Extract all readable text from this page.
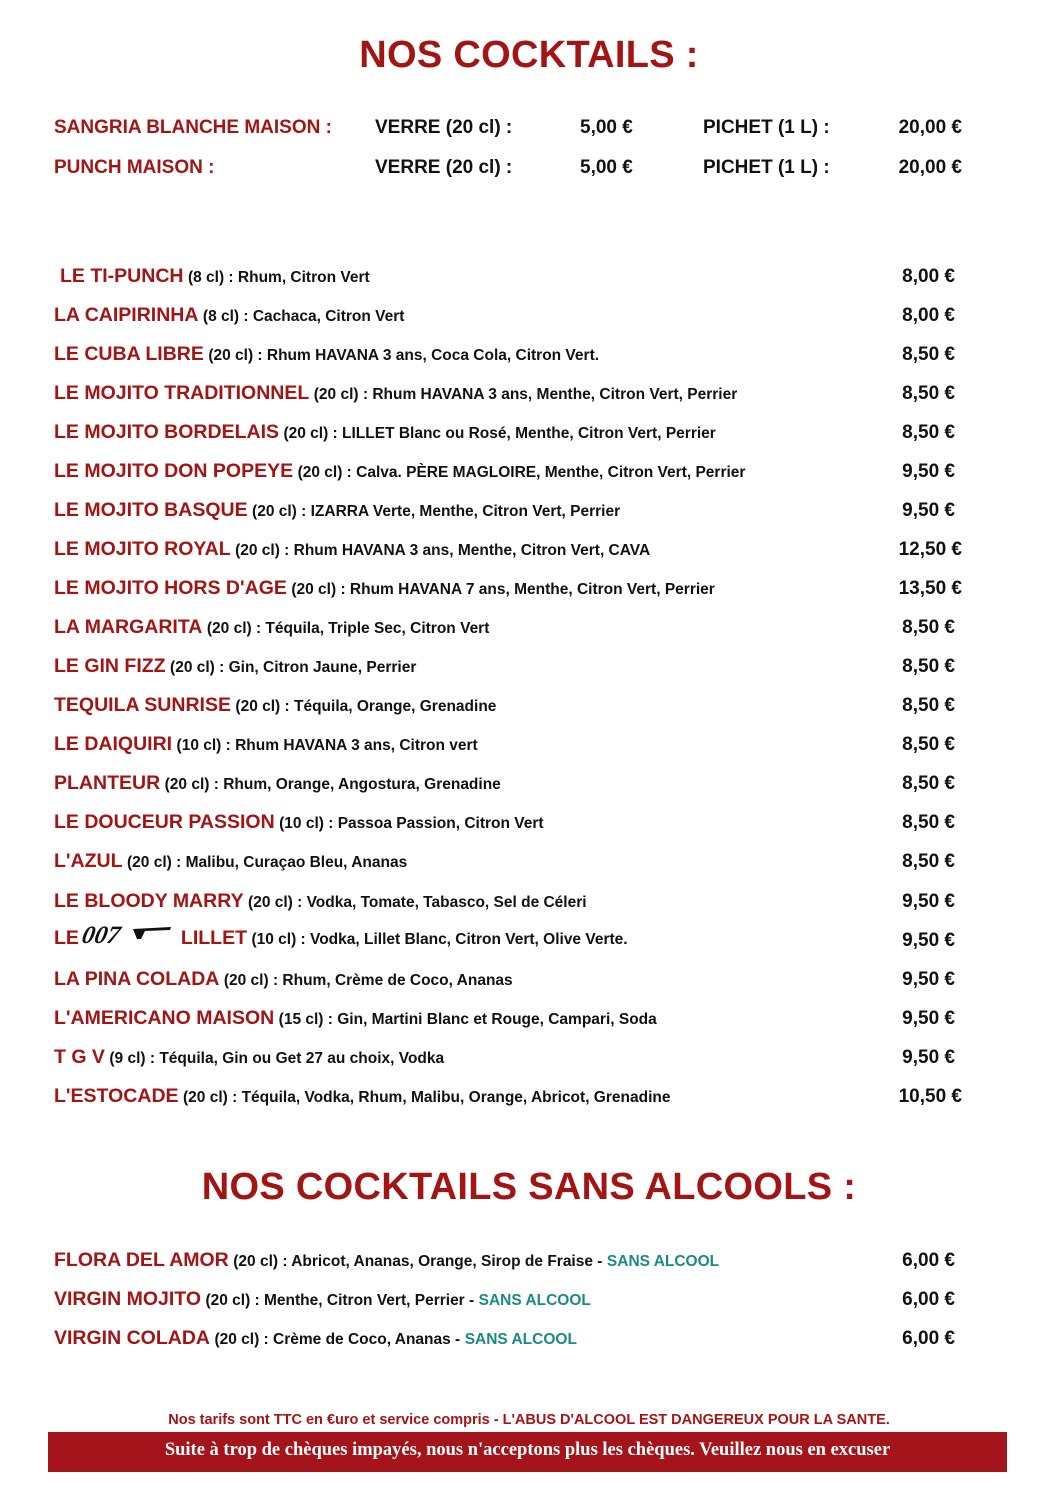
NOS COCKTAILS :
SANGRIA BLANCHE MAISON : VERRE (20 cl) :	5,00 €	PICHET (1 L) :	20,00 €
PUNCH MAISON :	VERRE (20 cl) :	5,00 €	PICHET (1 L) :	20,00 €
LE TI-PUNCH (8 cl) : Rhum, Citron Vert	8,00 €
LA CAIPIRINHA (8 cl) : Cachaca, Citron Vert	8,00 €
LE CUBA LIBRE (20 cl) : Rhum HAVANA 3 ans, Coca Cola, Citron Vert.	8,50 €
LE MOJITO TRADITIONNEL (20 cl) : Rhum HAVANA 3 ans, Menthe, Citron Vert, Perrier	8,50 €
LE MOJITO BORDELAIS (20 cl) : LILLET Blanc ou Rosé, Menthe, Citron Vert, Perrier	8,50 €
LE MOJITO DON POPEYE (20 cl) : Calva. PÈRE MAGLOIRE, Menthe, Citron Vert, Perrier	9,50 €
LE MOJITO BASQUE (20 cl) : IZARRA Verte, Menthe, Citron Vert, Perrier	9,50 €
LE MOJITO ROYAL (20 cl) : Rhum HAVANA 3 ans, Menthe, Citron Vert, CAVA	12,50 €
LE MOJITO HORS D'AGE (20 cl) : Rhum HAVANA 7 ans, Menthe, Citron Vert, Perrier	13,50 €
LA MARGARITA (20 cl) : Téquila, Triple Sec, Citron Vert	8,50 €
LE GIN FIZZ (20 cl) : Gin, Citron Jaune, Perrier	8,50 €
TEQUILA SUNRISE (20 cl) : Téquila, Orange, Grenadine	8,50 €
LE DAIQUIRI (10 cl) : Rhum HAVANA 3 ans, Citron vert	8,50 €
PLANTEUR (20 cl) : Rhum, Orange, Angostura, Grenadine	8,50 €
LE DOUCEUR PASSION (10 cl) : Passoa Passion, Citron Vert	8,50 €
L'AZUL (20 cl) : Malibu, Curaçao Bleu, Ananas	8,50 €
LE BLOODY MARRY (20 cl) : Vodka, Tomate, Tabasco, Sel de Céleri	9,50 €
LE 007	LILLET (10 cl) : Vodka, Lillet Blanc, Citron Vert, Olive Verte.	9,50 €
LA PINA COLADA (20 cl) : Rhum, Crème de Coco, Ananas	9,50 €
L'AMERICANO MAISON (15 cl) : Gin, Martini Blanc et Rouge, Campari, Soda	9,50 €
T G V (9 cl) : Téquila, Gin ou Get 27 au choix, Vodka	9,50 €
L'ESTOCADE (20 cl) : Téquila, Vodka, Rhum, Malibu, Orange, Abricot, Grenadine	10,50 €
NOS COCKTAILS SANS ALCOOLS :
FLORA DEL AMOR (20 cl) : Abricot, Ananas, Orange, Sirop de Fraise - SANS ALCOOL	6,00 €
VIRGIN MOJITO (20 cl) : Menthe, Citron Vert, Perrier - SANS ALCOOL	6,00 €
VIRGIN COLADA (20 cl) : Crème de Coco, Ananas - SANS ALCOOL	6,00 €
Nos tarifs sont TTC en €uro et service compris - L'ABUS D'ALCOOL EST DANGEREUX POUR LA SANTE.
Suite à trop de chèques impayés, nous n'acceptons plus les chèques. Veuillez nous en excuser
